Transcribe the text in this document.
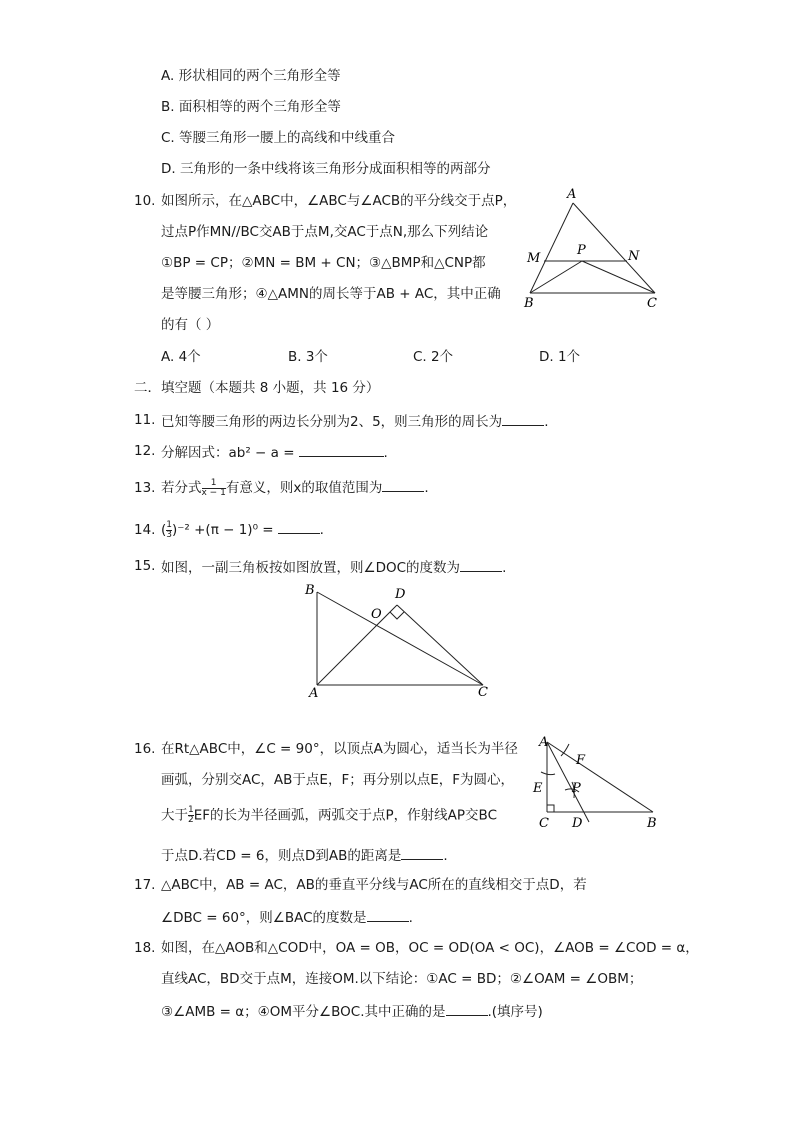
A. 形状相同的两个三角形全等
B. 面积相等的两个三角形全等
C. 等腰三角形一腰上的高线和中线重合
D. 三角形的一条中线将该三角形分成面积相等的两部分
10. 如图所示，在△ABC中，∠ABC与∠ACB的平分线交于点P，
过点P作MN//BC交AB于点M,交AC于点N,那么下列结论
①BP = CP；②MN = BM + CN；③△BMP和△CNP都
是等腰三角形；④△AMN的周长等于AB + AC，其中正确
的有（ ）
A
M
P	N
B	C
A. 4个	B. 3个	C. 2个	D. 1个
二．填空题（本题共 8 小题，共 16 分）
11. 已知等腰三角形的两边长分别为2、5，则三角形的周长为	.
12. 分解因式：ab² − a =	.
13. 若分式 $\frac{1}{x - 1}$ 有意义，则x的取值范围为	.
14. ( $\frac{1}{3} )^{-2} +(\pi - 1)^0$ =	.
15. 如图，一副三角板按如图放置，则∠DOC的度数为	.
B
O
D
A	C
16. 在Rt△ABC中，∠C = 90°，以顶点A为圆心，适当长为半径
画弧，分别交AC，AB于点E，F；再分别以点E，F为圆心，
大于 $\frac{1}{2}$ EF的长为半径画弧，两弧交于点P，作射线AP交BC
于点D.若CD = 6，则点D到AB的距离是	.
A
F
E P
C D	B
17. △ABC中，AB = AC，AB的垂直平分线与AC所在的直线相交于点D，若
∠DBC = 60°，则∠BAC的度数是	.
18. 如图，在△AOB和△COD中，OA = OB，OC = OD(OA < OC)，∠AOB = ∠COD = α，
直线AC，BD交于点M，连接OM.以下结论：①AC = BD；②∠OAM = ∠OBM；
③∠AMB = α；④OM平分∠BOC.其中正确的是	.(填序号)
